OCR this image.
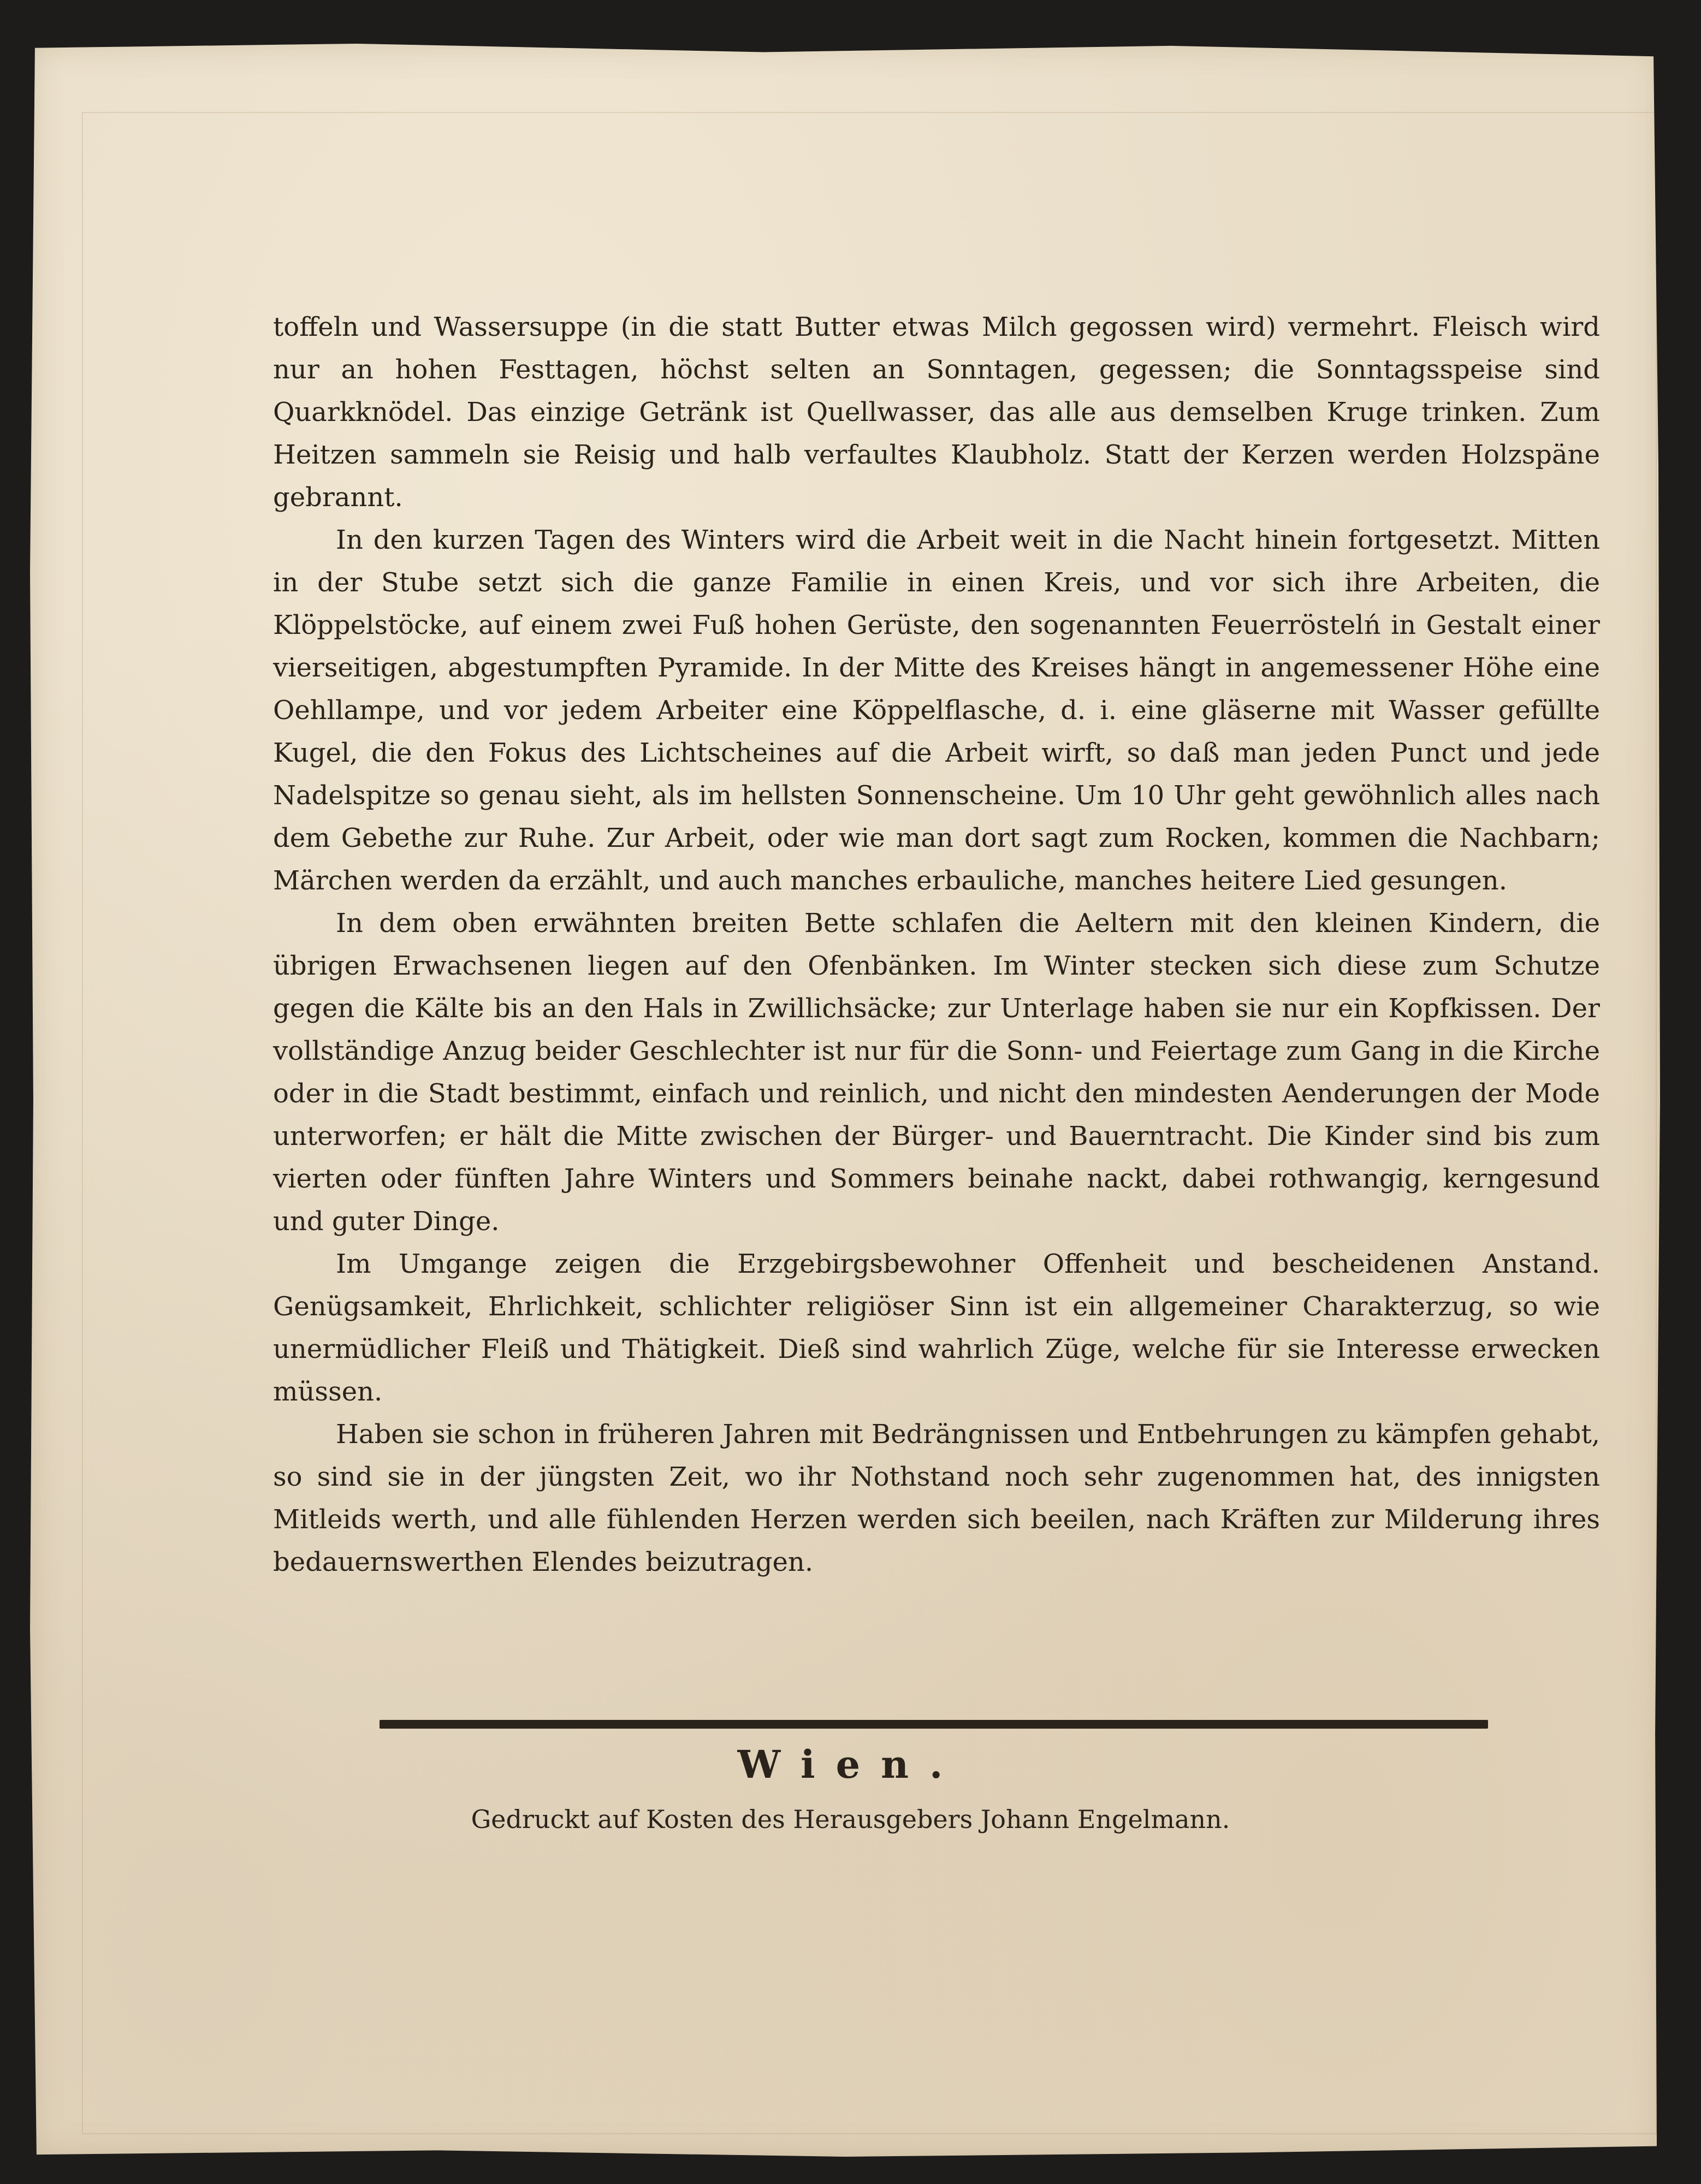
toffeln und Wassersuppe (in die statt Butter etwas Milch gegossen wird) vermehrt. Fleisch wird nur an hohen Festtagen, höchst selten an Sonntagen, gegessen; die Sonntagsspeise sind Quarkknödel. Das einzige Getränk ist Quellwasser, das alle aus demselben Kruge trinken. Zum Heitzen sammeln sie Reisig und halb verfaultes Klaubholz. Statt der Kerzen werden Holzspäne gebrannt.

In den kurzen Tagen des Winters wird die Arbeit weit in die Nacht hinein fortgesetzt. Mitten in der Stube setzt sich die ganze Familie in einen Kreis, und vor sich ihre Arbeiten, die Klöppelstöcke, auf einem zwei Fuß hohen Gerüste, den sogenannten Feuerröstelń in Gestalt einer vierseitigen, abgestumpften Pyramide. In der Mitte des Kreises hängt in angemessener Höhe eine Oehllampe, und vor jedem Arbeiter eine Köppelflasche, d. i. eine gläserne mit Wasser gefüllte Kugel, die den Fokus des Lichtscheines auf die Arbeit wirft, so daß man jeden Punct und jede Nadelspitze so genau sieht, als im hellsten Sonnenscheine. Um 10 Uhr geht gewöhnlich alles nach dem Gebethe zur Ruhe. Zur Arbeit, oder wie man dort sagt zum Rocken, kommen die Nachbarn; Märchen werden da erzählt, und auch manches erbauliche, manches heitere Lied gesungen.

In dem oben erwähnten breiten Bette schlafen die Aeltern mit den kleinen Kindern, die übrigen Erwachsenen liegen auf den Ofenbänken. Im Winter stecken sich diese zum Schutze gegen die Kälte bis an den Hals in Zwillichsäcke; zur Unterlage haben sie nur ein Kopfkissen. Der vollständige Anzug beider Geschlechter ist nur für die Sonn- und Feiertage zum Gang in die Kirche oder in die Stadt bestimmt, einfach und reinlich, und nicht den mindesten Aenderungen der Mode unterworfen; er hält die Mitte zwischen der Bürger- und Bauerntracht. Die Kinder sind bis zum vierten oder fünften Jahre Winters und Sommers beinahe nackt, dabei rothwangig, kerngesund und guter Dinge.

Im Umgange zeigen die Erzgebirgsbewohner Offenheit und bescheidenen Anstand. Genügsamkeit, Ehrlichkeit, schlichter religiöser Sinn ist ein allgemeiner Charakterzug, so wie unermüdlicher Fleiß und Thätigkeit. Dieß sind wahrlich Züge, welche für sie Interesse erwecken müssen.

Haben sie schon in früheren Jahren mit Bedrängnissen und Entbehrungen zu kämpfen gehabt, so sind sie in der jüngsten Zeit, wo ihr Nothstand noch sehr zugenommen hat, des innigsten Mitleids werth, und alle fühlenden Herzen werden sich beeilen, nach Kräften zur Milderung ihres bedauernswerthen Elendes beizutragen.

Wien.
Gedruckt auf Kosten des Herausgebers Johann Engelmann.
